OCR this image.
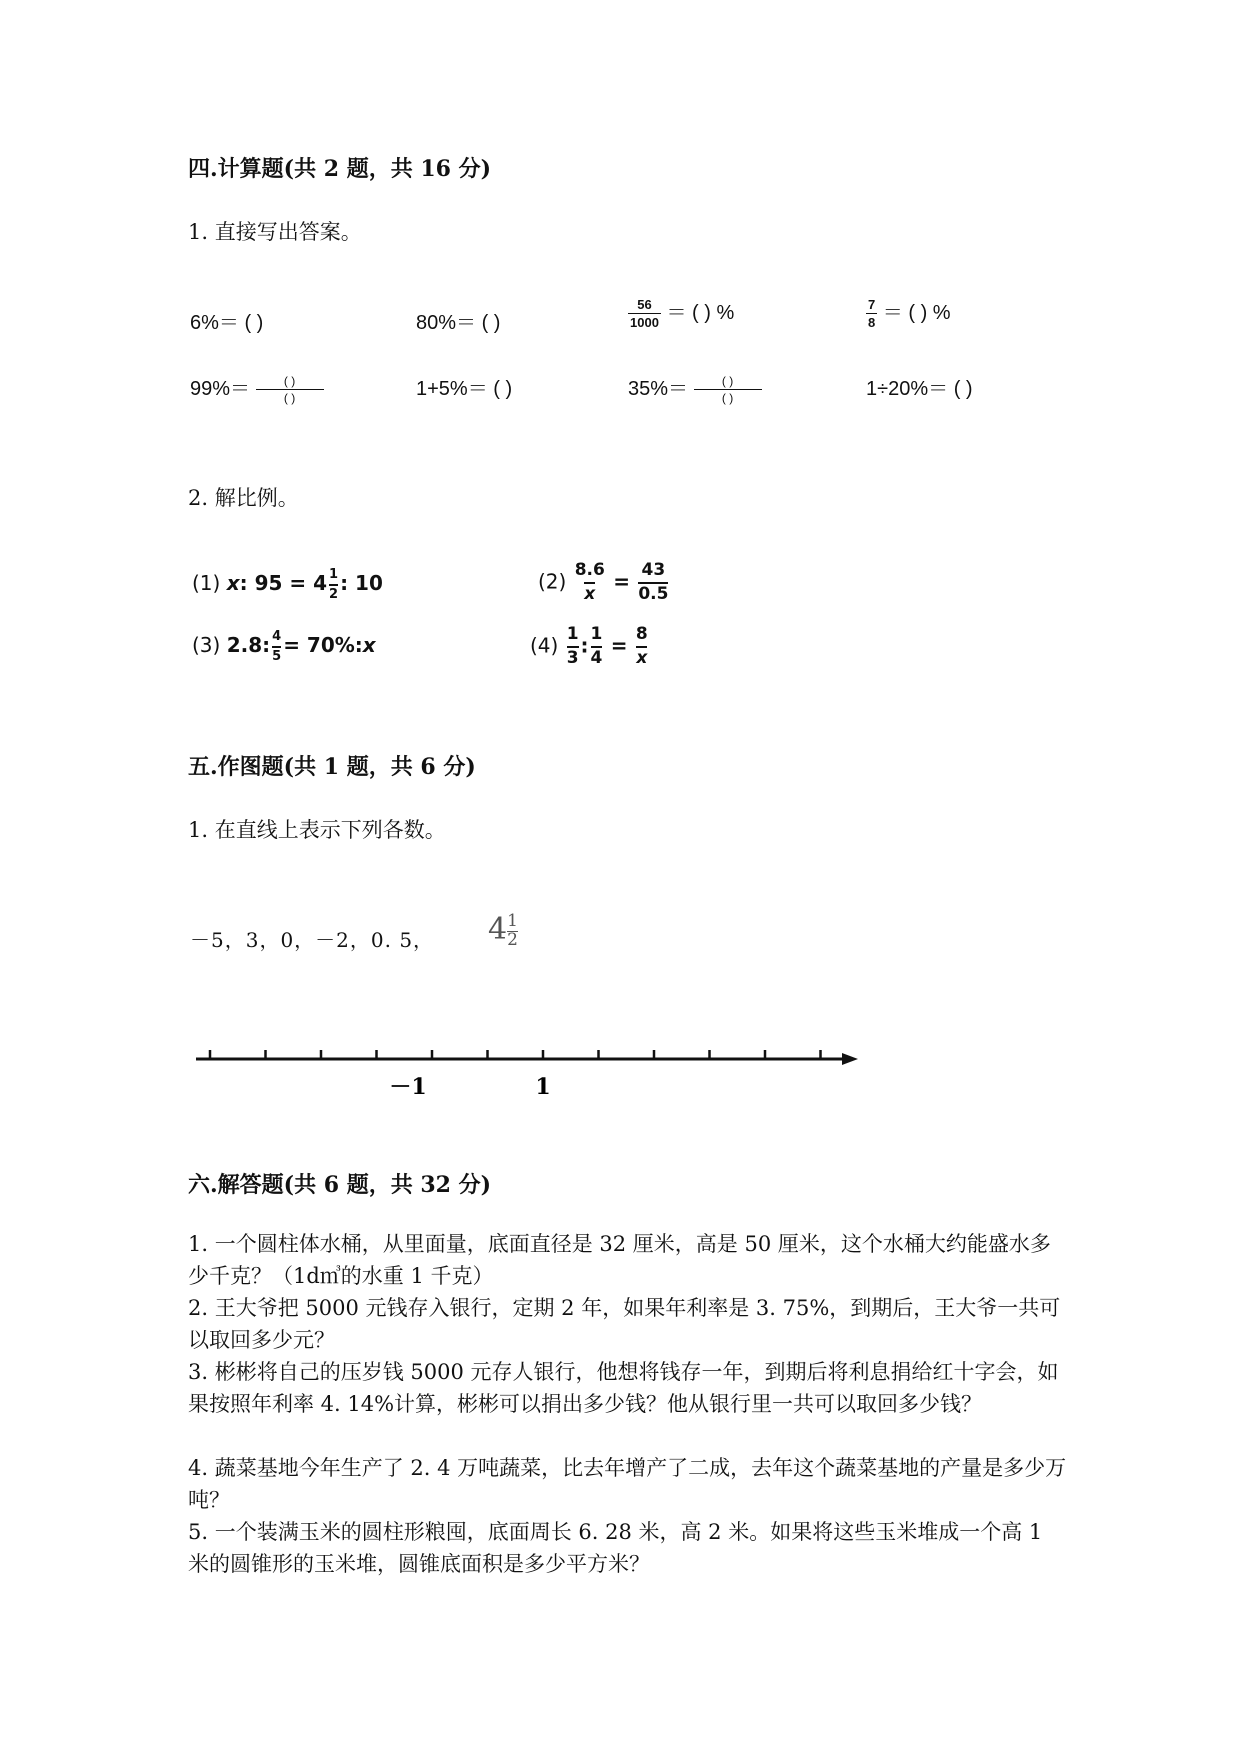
四.计算题(共 2 题，共 16 分)
1. 直接写出答案。
6%＝ ( )	80%＝ ( )	$\frac{56}{1000}$ ＝ ( ) %	$\frac{7}{8}$ ＝ ( ) %
$99\%= \frac{( )}{( )}$	1+5%＝ ( )	$35\%= \frac{( )}{( )}$	1÷20%＝ ( )
2. 解比例。
(1) x: $95 = 4 \frac{1}{2}$ : 10	$(2) \frac{8.6}{x} = \frac{43}{0.5}$
(3) 2.8: $\frac{4}{5}$ = 70%:x	$(4) \frac{1}{3}$ : $\frac{1}{4} = \frac{8}{x}$
五.作图题(共 1 题，共 6 分)
1. 在直线上表示下列各数。
－5，3，0，－2，0. 5， $4 \frac{1}{2}$
－1	1
六.解答题(共 6 题，共 32 分)
1. 一个圆柱体水桶，从里面量，底面直径是 32 厘米，高是 50 厘米，这个水桶大约能盛水多少千克？（1d㎥的水重 1 千克）
2. 王大爷把 5000 元钱存入银行，定期 2 年，如果年利率是 3. 75%，到期后，王大爷一共可以取回多少元？
3. 彬彬将自己的压岁钱 5000 元存人银行，他想将钱存一年，到期后将利息捐给红十字会，如果按照年利率 4. 14%计算，彬彬可以捐出多少钱？他从银行里一共可以取回多少钱？
4. 蔬菜基地今年生产了 2. 4 万吨蔬菜，比去年增产了二成，去年这个蔬菜基地的产量是多少万吨？
5. 一个装满玉米的圆柱形粮囤，底面周长 6. 28 米，高 2 米。如果将这些玉米堆成一个高 1 米的圆锥形的玉米堆，圆锥底面积是多少平方米？
